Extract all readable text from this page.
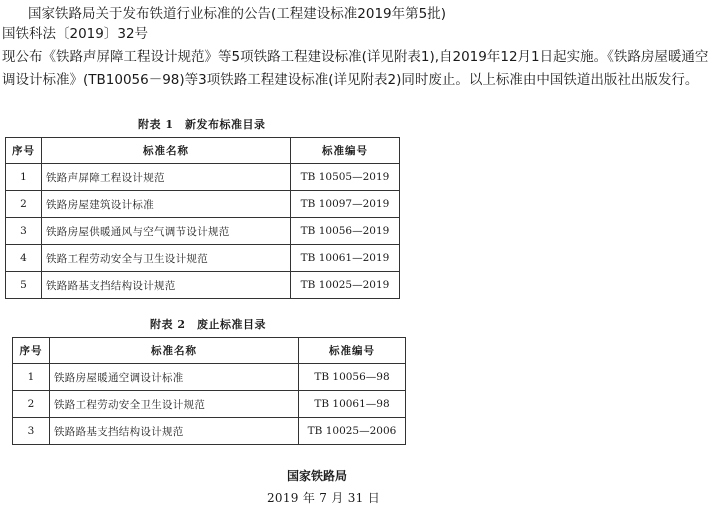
国家铁路局关于发布铁道行业标准的公告(工程建设标准2019年第5批)
国铁科法〔2019〕32号
现公布《铁路声屏障工程设计规范》等5项铁路工程建设标准(详见附表1),自2019年12月1日起实施。《铁路房屋暖通空调设计标准》(TB10056－98)等3项铁路工程建设标准(详见附表2)同时废止。以上标准由中国铁道出版社出版发行。
附表 1　新发布标准目录
序号	标准名称	标准编号
1	铁路声屏障工程设计规范	TB 10505—2019
2	铁路房屋建筑设计标准	TB 10097—2019
3	铁路房屋供暖通风与空气调节设计规范	TB 10056—2019
4	铁路工程劳动安全与卫生设计规范	TB 10061—2019
5	铁路路基支挡结构设计规范	TB 10025—2019
附表 2　废止标准目录
序号	标准名称	标准编号
1	铁路房屋暖通空调设计标准	TB 10056—98
2	铁路工程劳动安全卫生设计规范	TB 10061—98
3	铁路路基支挡结构设计规范	TB 10025—2006
国家铁路局
2019 年 7 月 31 日
